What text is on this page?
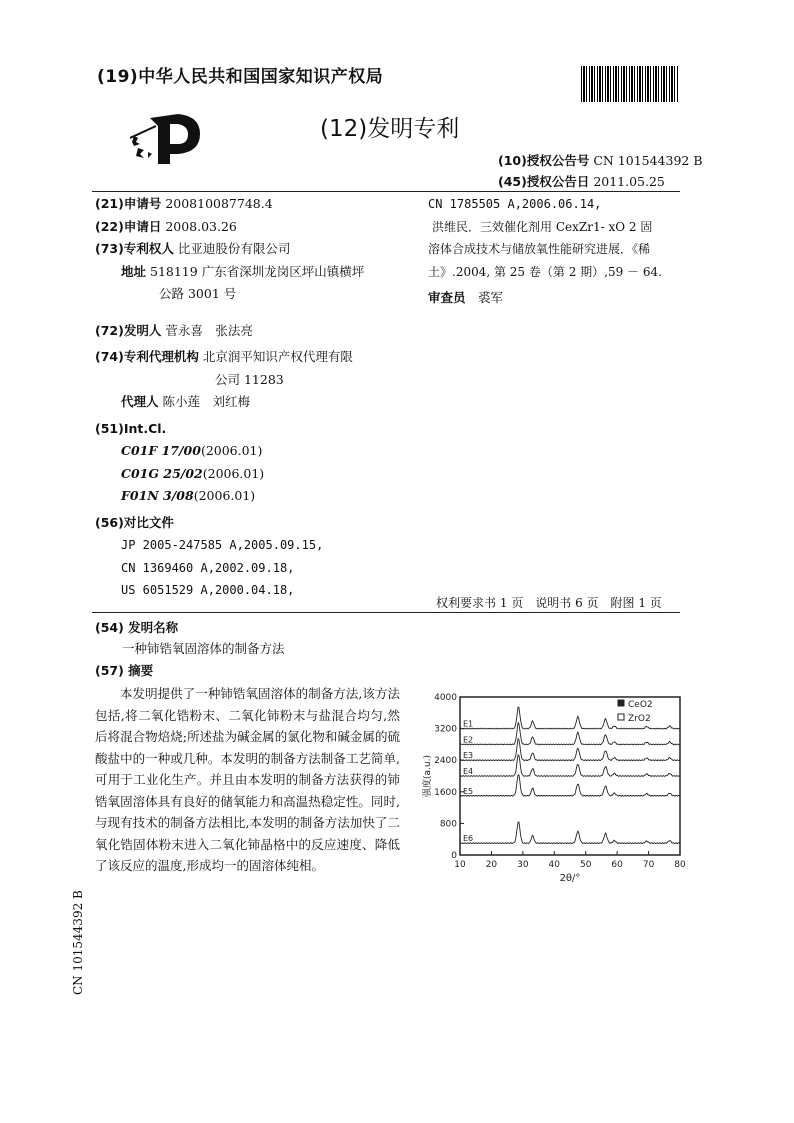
(19)中华人民共和国国家知识产权局
(12)发明专利
(10)授权公告号 CN 101544392 B
(45)授权公告日 2011.05.25
(21)申请号 200810087748.4
(22)申请日 2008.03.26
(73)专利权人 比亚迪股份有限公司
地址 518119 广东省深圳龙岗区坪山镇横坪
公路 3001 号
(72)发明人 菅永喜　张法亮
(74)专利代理机构 北京润平知识产权代理有限
公司 11283
代理人 陈小莲　刘红梅
(51)Int.Cl.
C01F 17/00(2006.01)
C01G 25/02(2006.01)
F01N 3/08(2006.01)
(56)对比文件
JP 2005-247585 A,2005.09.15,
CN 1369460 A,2002.09.18,
US 6051529 A,2000.04.18,
CN 1785505 A,2006.06.14,
洪维民．三效催化剂用 CexZr1- xO 2 固
溶体合成技术与储放氧性能研究进展．《稀
土》.2004, 第 25 卷（第 2 期）,59 － 64.
审查员　 裘军
权利要求书 1 页　说明书 6 页　附图 1 页
(54) 发明名称
一种铈锆氧固溶体的制备方法
(57) 摘要
本发明提供了一种铈锆氧固溶体的制备方法,该方法包括,将二氧化锆粉末、二氧化铈粉末与盐混合均匀,然后将混合物焙烧;所述盐为碱金属的氯化物和碱金属的硫酸盐中的一种或几种。本发明的制备方法制备工艺简单,可用于工业化生产。并且由本发明的制备方法获得的铈锆氧固溶体具有良好的储氧能力和高温热稳定性。同时,与现有技术的制备方法相比,本发明的制备方法加快了二氧化锆固体粉末进入二氧化铈晶格中的反应速度、降低了该反应的温度,形成均一的固溶体纯相。	10 20 30 40 50 60 70 80
0
800
1600
2400
3200
4000
2θ/°
强度(a.u.)
CeO2
ZrO2
E1
E2
E3
E4
E5
E6
CN 101544392 B
